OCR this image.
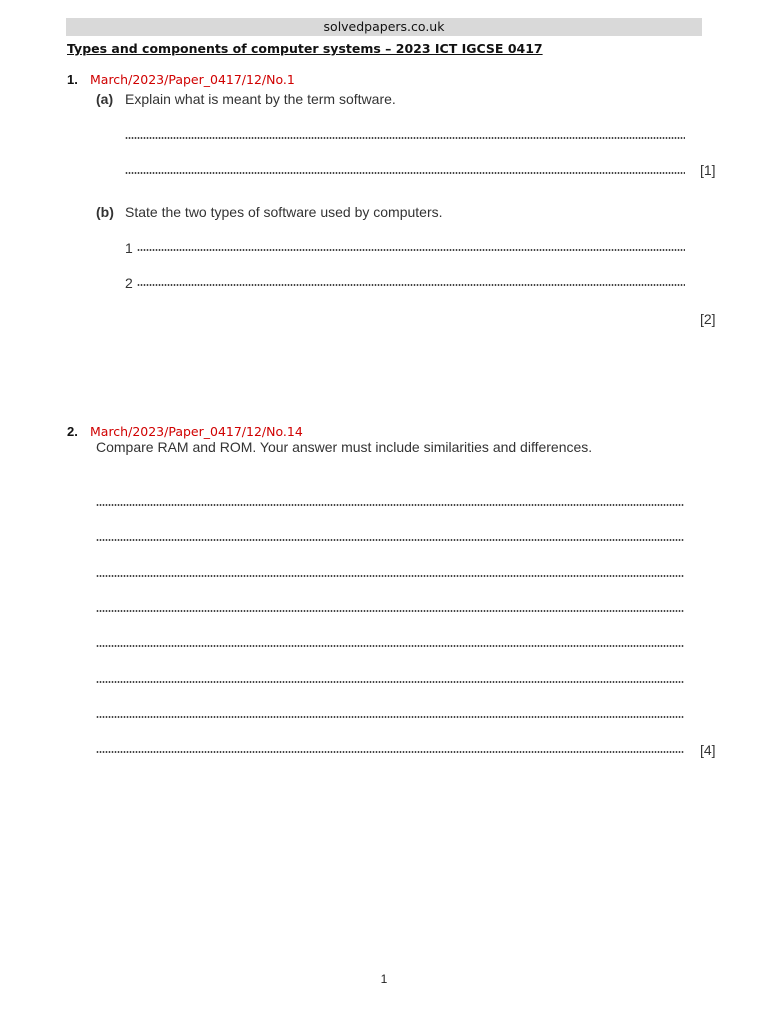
solvedpapers.co.uk
Types and components of computer systems – 2023 ICT IGCSE 0417
1. March/2023/Paper_0417/12/No.1
(a) Explain what is meant by the term software.
[1]
(b) State the two types of software used by computers.
1
2
[2]
2. March/2023/Paper_0417/12/No.14
Compare RAM and ROM. Your answer must include similarities and differences.
[4]
1
